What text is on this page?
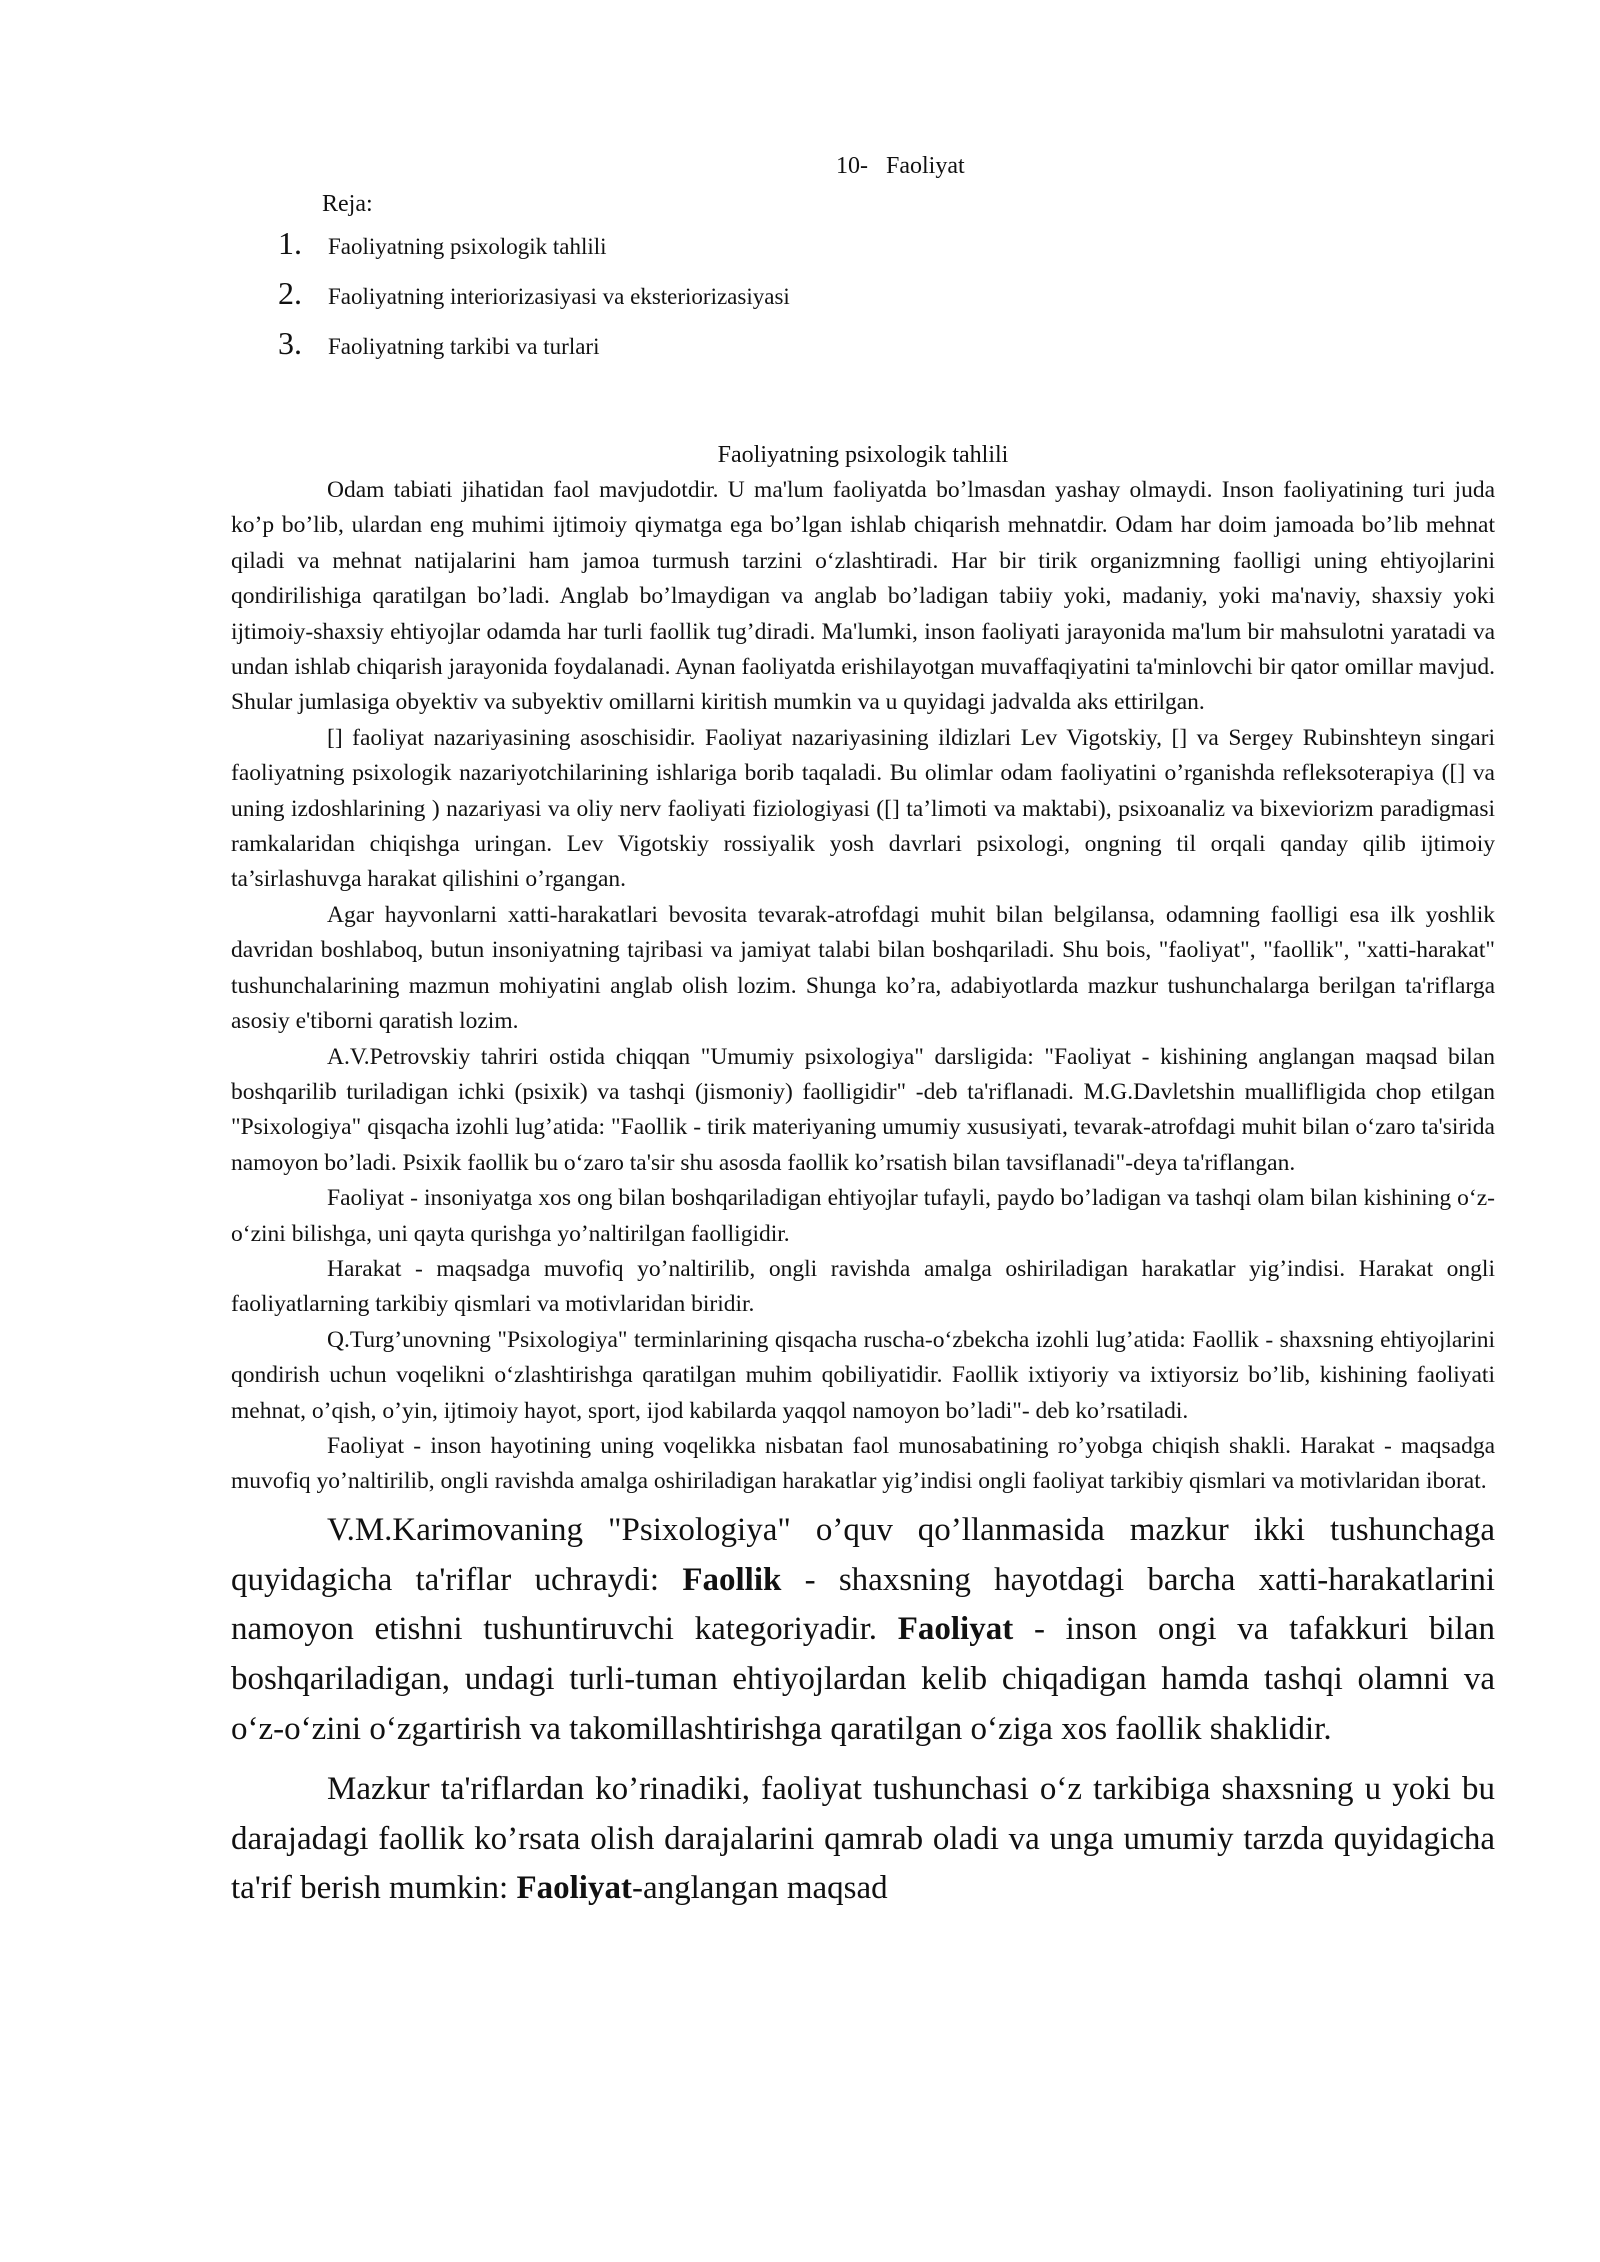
10-   Faoliyat
Reja:
1.	Faoliyatning psixologik tahlili
2.	Faoliyatning interiorizasiyasi va eksteriorizasiyasi
3.	Faoliyatning tarkibi va turlari
Faoliyatning psixologik tahlili

Odam tabiati jihatidan faol mavjudotdir. U ma'lum faoliyatda bo’lmasdan yashay olmaydi. Inson faoliyatining turi juda ko’p bo’lib, ulardan eng muhimi ijtimoiy qiymatga ega bo’lgan ishlab chiqarish mehnatdir. Odam har doim jamoada bo’lib mehnat qiladi va mehnat natijalarini ham jamoa turmush tarzini o‘zlashtiradi. Har bir tirik organizmning faolligi uning ehtiyojlarini qondirilishiga qaratilgan bo’ladi. Anglab bo’lmaydigan va anglab bo’ladigan tabiiy yoki, madaniy, yoki ma'naviy, shaxsiy yoki ijtimoiy-shaxsiy ehtiyojlar odamda har turli faollik tug’diradi. Ma'lumki, inson faoliyati jarayonida ma'lum bir mahsulotni yaratadi va undan ishlab chiqarish jarayonida foydalanadi. Aynan faoliyatda erishilayotgan muvaffaqiyatini ta'minlovchi bir qator omillar mavjud. Shular jumlasiga obyektiv va subyektiv omillarni kiritish mumkin va u quyidagi jadvalda aks ettirilgan.

[] faoliyat nazariyasining asoschisidir. Faoliyat nazariyasining ildizlari Lev Vigotskiy, [] va Sergey Rubinshteyn singari faoliyatning psixologik nazariyotchilarining ishlariga borib taqaladi. Bu olimlar odam faoliyatini o’rganishda refleksoterapiya ([] va uning izdoshlarining ) nazariyasi va oliy nerv faoliyati fiziologiyasi ([] ta’limoti va maktabi), psixoanaliz va bixeviorizm paradigmasi ramkalaridan chiqishga uringan. Lev Vigotskiy rossiyalik yosh davrlari psixologi, ongning til orqali qanday qilib ijtimoiy ta’sirlashuvga harakat qilishini o’rgangan.

Agar hayvonlarni xatti-harakatlari bevosita tevarak-atrofdagi muhit bilan belgilansa, odamning faolligi esa ilk yoshlik davridan boshlaboq, butun insoniyatning tajribasi va jamiyat talabi bilan boshqariladi. Shu bois, "faoliyat", "faollik", "xatti-harakat" tushunchalarining mazmun mohiyatini anglab olish lozim. Shunga ko’ra, adabiyotlarda mazkur tushunchalarga berilgan ta'riflarga asosiy e'tiborni qaratish lozim.

A.V.Petrovskiy tahriri ostida chiqqan "Umumiy psixologiya" darsligida: "Faoliyat - kishining anglangan maqsad bilan boshqarilib turiladigan ichki (psixik) va tashqi (jismoniy) faolligidir" -deb ta'riflanadi. M.G.Davletshin muallifligida chop etilgan "Psixologiya" qisqacha izohli lug’atida: "Faollik - tirik materiyaning umumiy xususiyati, tevarak-atrofdagi muhit bilan o‘zaro ta'sirida namoyon bo’ladi. Psixik faollik bu o‘zaro ta'sir shu asosda faollik ko’rsatish bilan tavsiflanadi"-deya ta'riflangan.

Faoliyat - insoniyatga xos ong bilan boshqariladigan ehtiyojlar tufayli, paydo bo’ladigan va tashqi olam bilan kishining o‘z-o‘zini bilishga, uni qayta qurishga yo’naltirilgan faolligidir.

Harakat - maqsadga muvofiq yo’naltirilib, ongli ravishda amalga oshiriladigan harakatlar yig’indisi. Harakat ongli faoliyatlarning tarkibiy qismlari va motivlaridan biridir.

Q.Turg’unovning "Psixologiya" terminlarining qisqacha ruscha-o‘zbekcha izohli lug’atida: Faollik - shaxsning ehtiyojlarini qondirish uchun voqelikni o‘zlashtirishga qaratilgan muhim qobiliyatidir. Faollik ixtiyoriy va ixtiyorsiz bo’lib, kishining faoliyati mehnat, o’qish, o’yin, ijtimoiy hayot, sport, ijod kabilarda yaqqol namoyon bo’ladi"- deb ko’rsatiladi.

Faoliyat - inson hayotining uning voqelikka nisbatan faol munosabatining ro’yobga chiqish shakli. Harakat - maqsadga muvofiq yo’naltirilib, ongli ravishda amalga oshiriladigan harakatlar yig’indisi ongli faoliyat tarkibiy qismlari va motivlaridan iborat.

V.M.Karimovaning "Psixologiya" o’quv qo’llanmasida mazkur ikki tushunchaga quyidagicha ta'riflar uchraydi: Faollik - shaxsning hayotdagi barcha xatti-harakatlarini namoyon etishni tushuntiruvchi kategoriyadir. Faoliyat - inson ongi va tafakkuri bilan boshqariladigan, undagi turli-tuman ehtiyojlardan kelib chiqadigan hamda tashqi olamni va o‘z-o‘zini o‘zgartirish va takomillashtirishga qaratilgan o‘ziga xos faollik shaklidir.

Mazkur ta'riflardan ko’rinadiki, faoliyat tushunchasi o‘z tarkibiga shaxsning u yoki bu darajadagi faollik ko’rsata olish darajalarini qamrab oladi va unga umumiy tarzda quyidagicha ta'rif berish mumkin: Faoliyat-anglangan maqsad
